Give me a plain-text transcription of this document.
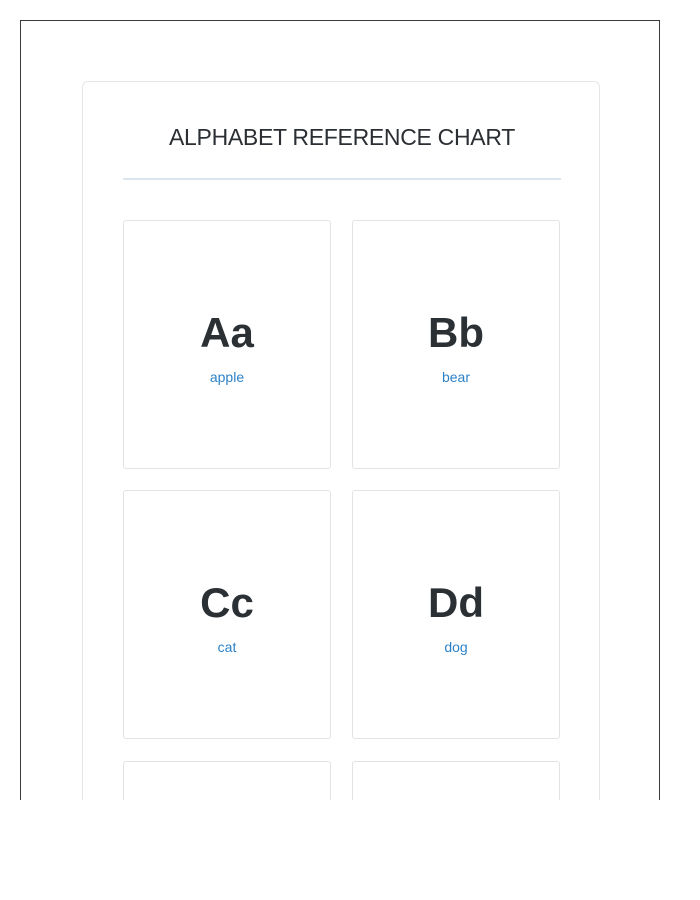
ALPHABET REFERENCE CHART
Aa
apple
Bb
bear
Cc
cat
Dd
dog
